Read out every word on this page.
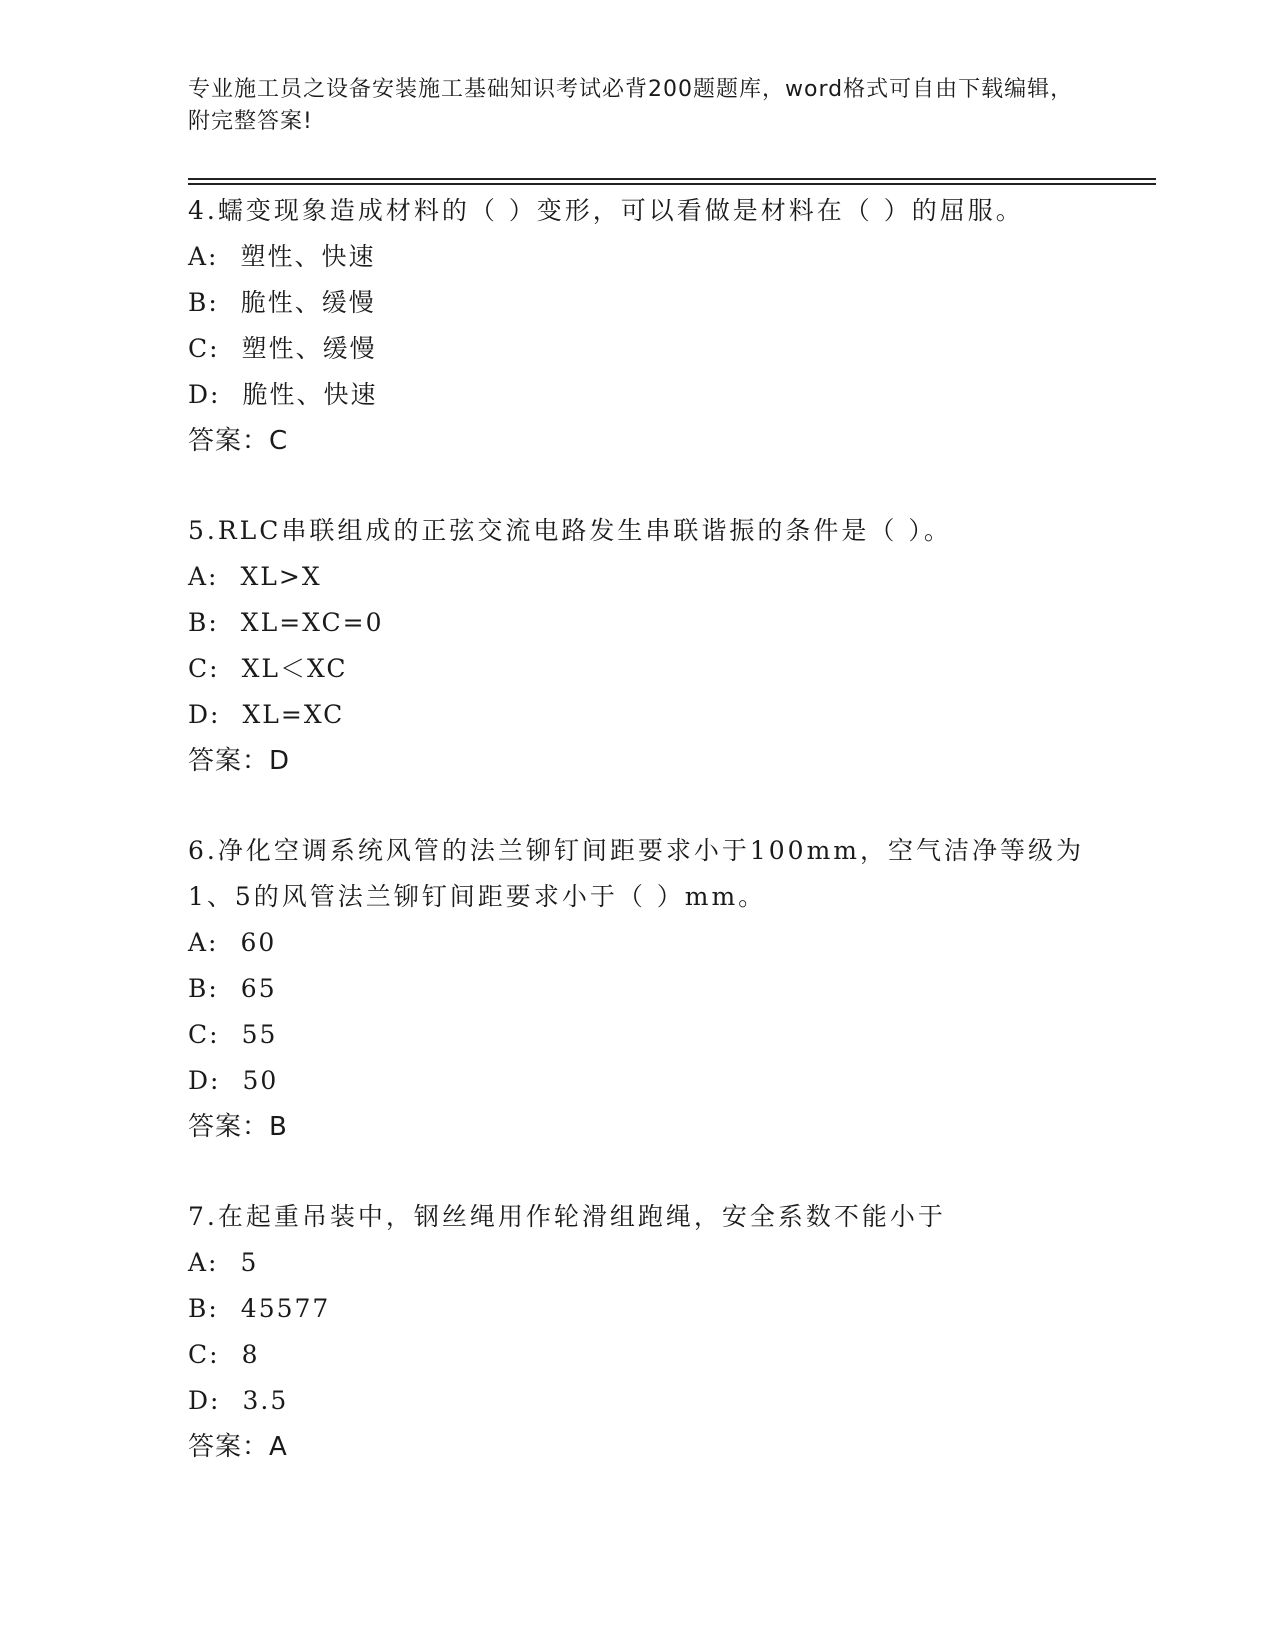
专业施工员之设备安装施工基础知识考试必背200题题库，word格式可自由下载编辑，附完整答案!

4.蠕变现象造成材料的（ ）变形，可以看做是材料在（ ）的屈服。

A: 塑性、快速
B: 脆性、缓慢
C: 塑性、缓慢
D: 脆性、快速
答案：C

5.RLC串联组成的正弦交流电路发生串联谐振的条件是（ ）。

A: XL>X
B: XL=XC=0
C: XL＜XC
D: XL=XC
答案：D

6.净化空调系统风管的法兰铆钉间距要求小于100mm，空气洁净等级为1、5的风管法兰铆钉间距要求小于（ ）mm。

A: 60
B: 65
C: 55
D: 50
答案：B

7.在起重吊装中，钢丝绳用作轮滑组跑绳，安全系数不能小于

A: 5
B: 45577
C: 8
D: 3.5
答案：A
